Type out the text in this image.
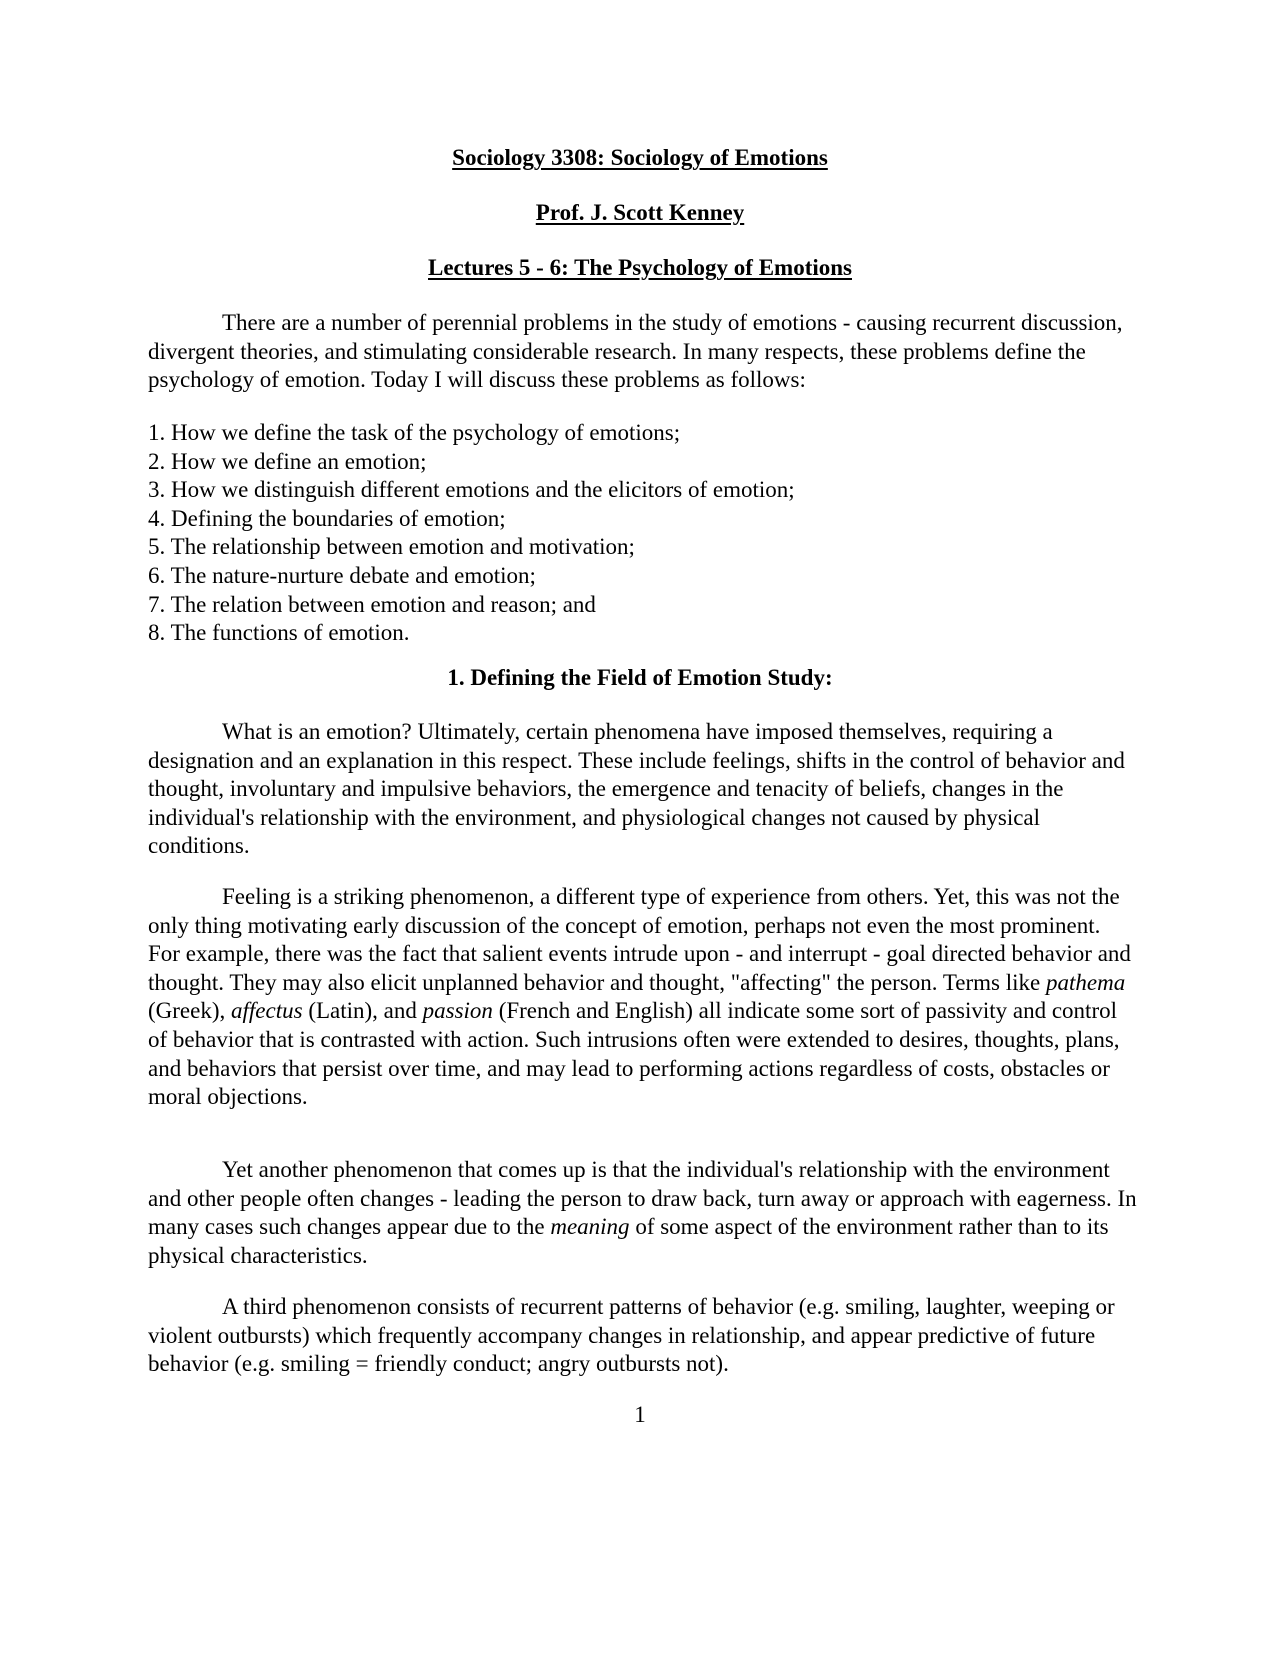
Sociology 3308: Sociology of Emotions
Prof. J. Scott Kenney
Lectures 5 - 6: The Psychology of Emotions

There are a number of perennial problems in the study of emotions - causing recurrent discussion, divergent theories, and stimulating considerable research. In many respects, these problems define the psychology of emotion. Today I will discuss these problems as follows:

1. How we define the task of the psychology of emotions;
2. How we define an emotion;
3. How we distinguish different emotions and the elicitors of emotion;
4. Defining the boundaries of emotion;
5. The relationship between emotion and motivation;
6. The nature-nurture debate and emotion;
7. The relation between emotion and reason; and
8. The functions of emotion.
1. Defining the Field of Emotion Study:

What is an emotion? Ultimately, certain phenomena have imposed themselves, requiring a designation and an explanation in this respect. These include feelings, shifts in the control of behavior and thought, involuntary and impulsive behaviors, the emergence and tenacity of beliefs, changes in the individual's relationship with the environment, and physiological changes not caused by physical conditions.

Feeling is a striking phenomenon, a different type of experience from others. Yet, this was not the only thing motivating early discussion of the concept of emotion, perhaps not even the most prominent. For example, there was the fact that salient events intrude upon - and interrupt - goal directed behavior and thought. They may also elicit unplanned behavior and thought, "affecting" the person. Terms like pathema (Greek), affectus (Latin), and passion (French and English) all indicate some sort of passivity and control of behavior that is contrasted with action. Such intrusions often were extended to desires, thoughts, plans, and behaviors that persist over time, and may lead to performing actions regardless of costs, obstacles or moral objections.

Yet another phenomenon that comes up is that the individual's relationship with the environment and other people often changes - leading the person to draw back, turn away or approach with eagerness. In many cases such changes appear due to the meaning of some aspect of the environment rather than to its physical characteristics.

A third phenomenon consists of recurrent patterns of behavior (e.g. smiling, laughter, weeping or violent outbursts) which frequently accompany changes in relationship, and appear predictive of future behavior (e.g. smiling = friendly conduct; angry outbursts not).

1
